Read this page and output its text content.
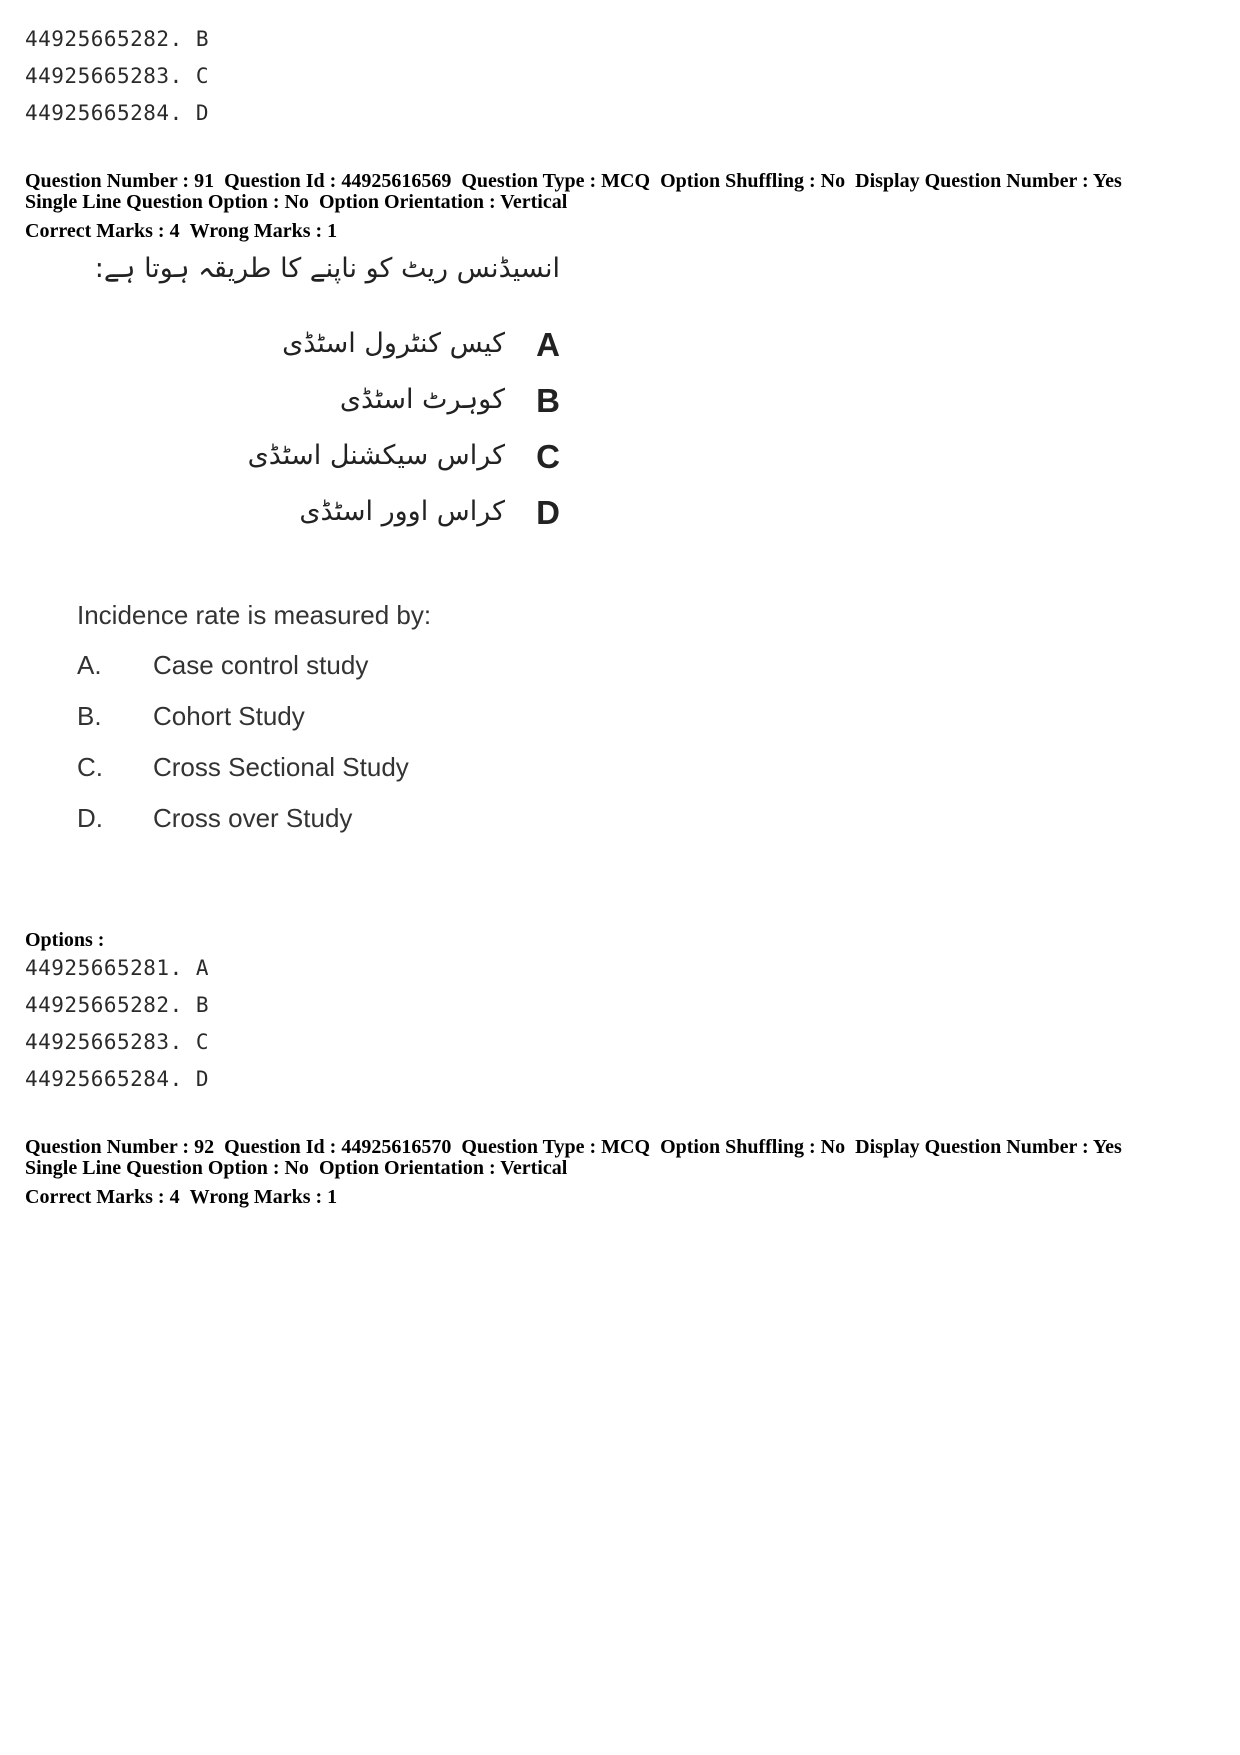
44925665282. B
44925665283. C
44925665284. D
Question Number : 91 Question Id : 44925616569 Question Type : MCQ Option Shuffling : No Display Question Number : Yes
Single Line Question Option : No Option Orientation : Vertical
Correct Marks : 4 Wrong Marks : 1
انسیڈنس ریٹ کو ناپنے کا طریقہ ہوتا ہے:
A
کیس کنٹرول اسٹڈی
B
کوہرٹ اسٹڈی
C
کراس سیکشنل اسٹڈی
D
کراس اوور اسٹڈی
Incidence rate is measured by:
A. Case control study
B. Cohort Study
C. Cross Sectional Study
D. Cross over Study
Options :
44925665281. A
44925665282. B
44925665283. C
44925665284. D
Question Number : 92 Question Id : 44925616570 Question Type : MCQ Option Shuffling : No Display Question Number : Yes
Single Line Question Option : No Option Orientation : Vertical
Correct Marks : 4 Wrong Marks : 1
